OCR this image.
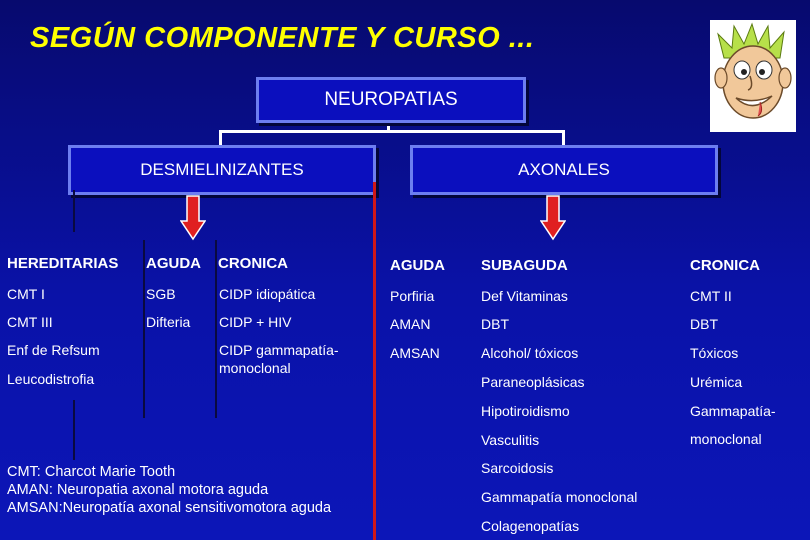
SEGÚN COMPONENTE Y CURSO ...
NEUROPATIAS
DESMIELINIZANTES	AXONALES
HEREDITARIAS AGUDA CRONICA
CMT I
CMT III
Enf de Refsum
Leucodistrofia
SGB
Difteria
CIDP idiopática
CIDP + HIV
CIDP gammapatía-
monoclonal
AGUDA SUBAGUDA	CRONICA
Porfiria
AMAN
AMSAN
Def Vitaminas
DBT
Alcohol/ tóxicos
Paraneoplásicas
Hipotiroidismo
Vasculitis
Sarcoidosis
Gammapatía monoclonal
Colagenopatías
CMT II
DBT
Tóxicos
Urémica
Gammapatía-
monoclonal
CMT: Charcot Marie Tooth
AMAN: Neuropatia axonal motora aguda
AMSAN:Neuropatía axonal sensitivomotora aguda
